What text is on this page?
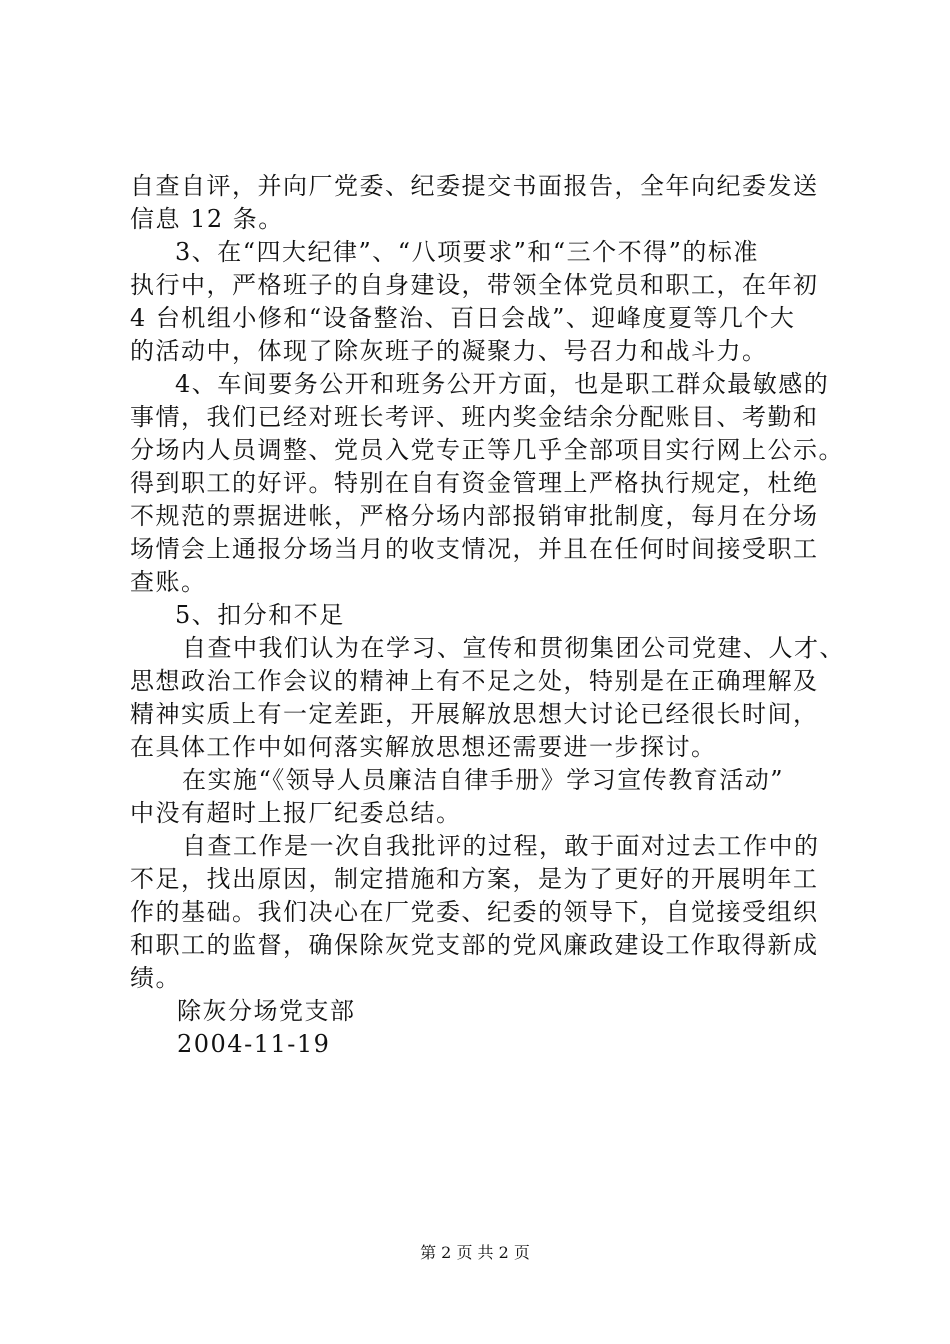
自查自评，并向厂党委、纪委提交书面报告，全年向纪委发送
信息 12 条。
3、在“四大纪律”、“八项要求”和“三个不得”的标准
执行中，严格班子的自身建设，带领全体党员和职工，在年初
4 台机组小修和“设备整治、百日会战”、迎峰度夏等几个大
的活动中，体现了除灰班子的凝聚力、号召力和战斗力。
4、车间要务公开和班务公开方面，也是职工群众最敏感的
事情，我们已经对班长考评、班内奖金结余分配账目、考勤和
分场内人员调整、党员入党专正等几乎全部项目实行网上公示。
得到职工的好评。特别在自有资金管理上严格执行规定，杜绝
不规范的票据进帐，严格分场内部报销审批制度，每月在分场
场情会上通报分场当月的收支情况，并且在任何时间接受职工
查账。
5、扣分和不足
自查中我们认为在学习、宣传和贯彻集团公司党建、人才、
思想政治工作会议的精神上有不足之处，特别是在正确理解及
精神实质上有一定差距，开展解放思想大讨论已经很长时间，
在具体工作中如何落实解放思想还需要进一步探讨。
在实施“《领导人员廉洁自律手册》学习宣传教育活动”
中没有超时上报厂纪委总结。
自查工作是一次自我批评的过程，敢于面对过去工作中的
不足，找出原因，制定措施和方案，是为了更好的开展明年工
作的基础。我们决心在厂党委、纪委的领导下，自觉接受组织
和职工的监督，确保除灰党支部的党风廉政建设工作取得新成
绩。
除灰分场党支部
2004-11-19
第 2 页 共 2 页
